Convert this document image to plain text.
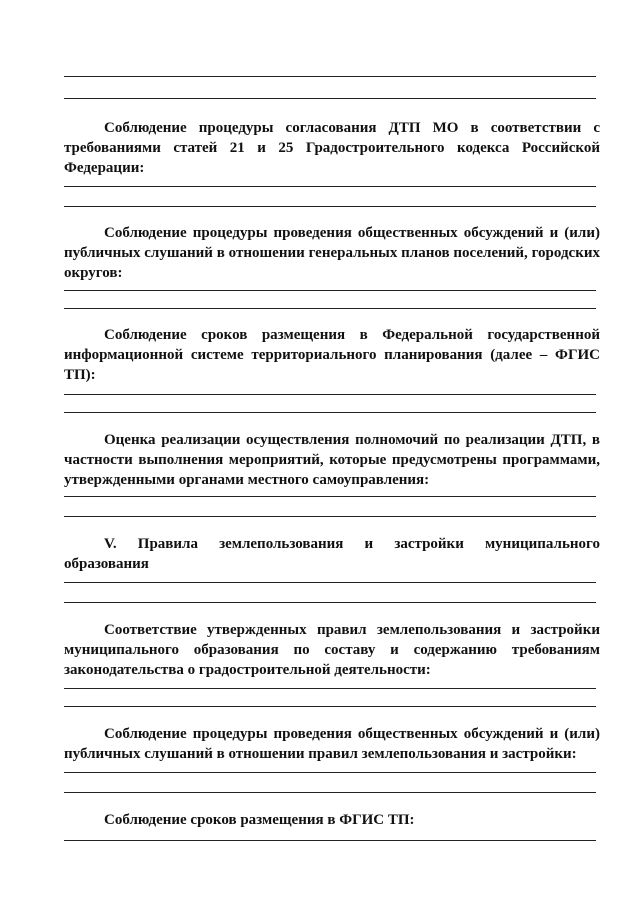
Соблюдение процедуры согласования ДТП МО в соответствии с требованиями статей 21 и 25 Градостроительного кодекса Российской Федерации:
Соблюдение процедуры проведения общественных обсуждений и (или) публичных слушаний в отношении генеральных планов поселений, городских округов:
Соблюдение сроков размещения в Федеральной государственной информационной системе территориального планирования (далее – ФГИС ТП):
Оценка реализации осуществления полномочий по реализации ДТП, в частности выполнения мероприятий, которые предусмотрены программами, утвержденными органами местного самоуправления:
V. Правила землепользования и застройки муниципального
образования
Соответствие утвержденных правил землепользования и застройки муниципального образования по составу и содержанию требованиям законодательства о градостроительной деятельности:
Соблюдение процедуры проведения общественных обсуждений и (или) публичных слушаний в отношении правил землепользования и застройки:
Соблюдение сроков размещения в ФГИС ТП:
